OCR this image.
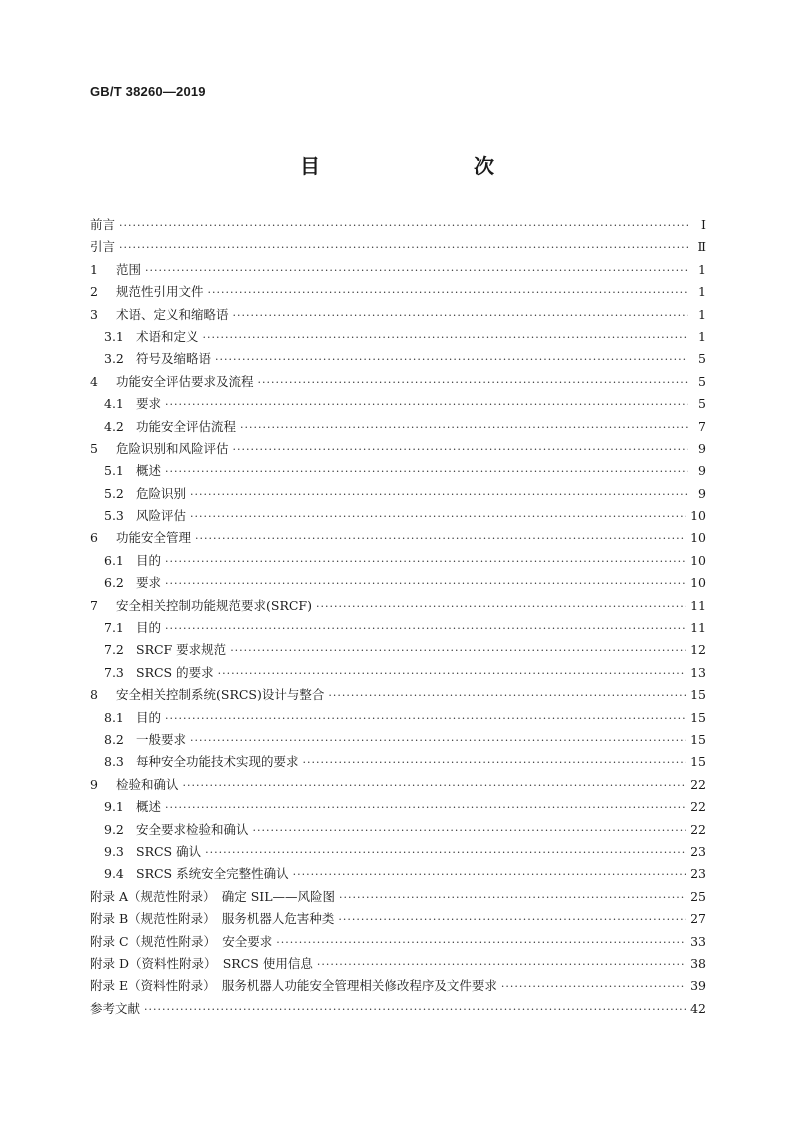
GB/T 38260—2019
目　　次
前言 ·····	Ⅰ
引言 ·····	Ⅱ
1	范围 ·····	1
2	规范性引用文件 ·····	1
3	术语、定义和缩略语 ·····	1
3.1 术语和定义 ·····	1
3.2 符号及缩略语 ·····	5
4	功能安全评估要求及流程 ·····	5
4.1 要求 ·····	5
4.2 功能安全评估流程 ·····	7
5	危险识别和风险评估 ·····	9
5.1 概述 ·····	9
5.2 危险识别 ·····	9
5.3 风险评估 ·····	10
6	功能安全管理 ·····	10
6.1 目的 ·····	10
6.2 要求 ·····	10
7	安全相关控制功能规范要求(SRCF) ·····	11
7.1 目的 ·····	11
7.2 SRCF 要求规范 ·····	12
7.3 SRCS 的要求 ·····	13
8	安全相关控制系统(SRCS)设计与整合 ·····	15
8.1 目的 ·····	15
8.2 一般要求 ·····	15
8.3 每种安全功能技术实现的要求 ·····	15
9	检验和确认 ·····	22
9.1 概述 ·····	22
9.2 安全要求检验和确认 ·····	22
9.3 SRCS 确认 ·····	23
9.4 SRCS 系统安全完整性确认 ·····	23
附录 A（规范性附录）　确定 SIL——风险图 ·····	25
附录 B（规范性附录）　服务机器人危害种类 ·····	27
附录 C（规范性附录）　安全要求 ·····	33
附录 D（资料性附录）　SRCS 使用信息 ·····	38
附录 E（资料性附录）　服务机器人功能安全管理相关修改程序及文件要求 ·····	39
参考文献 ·····	42
